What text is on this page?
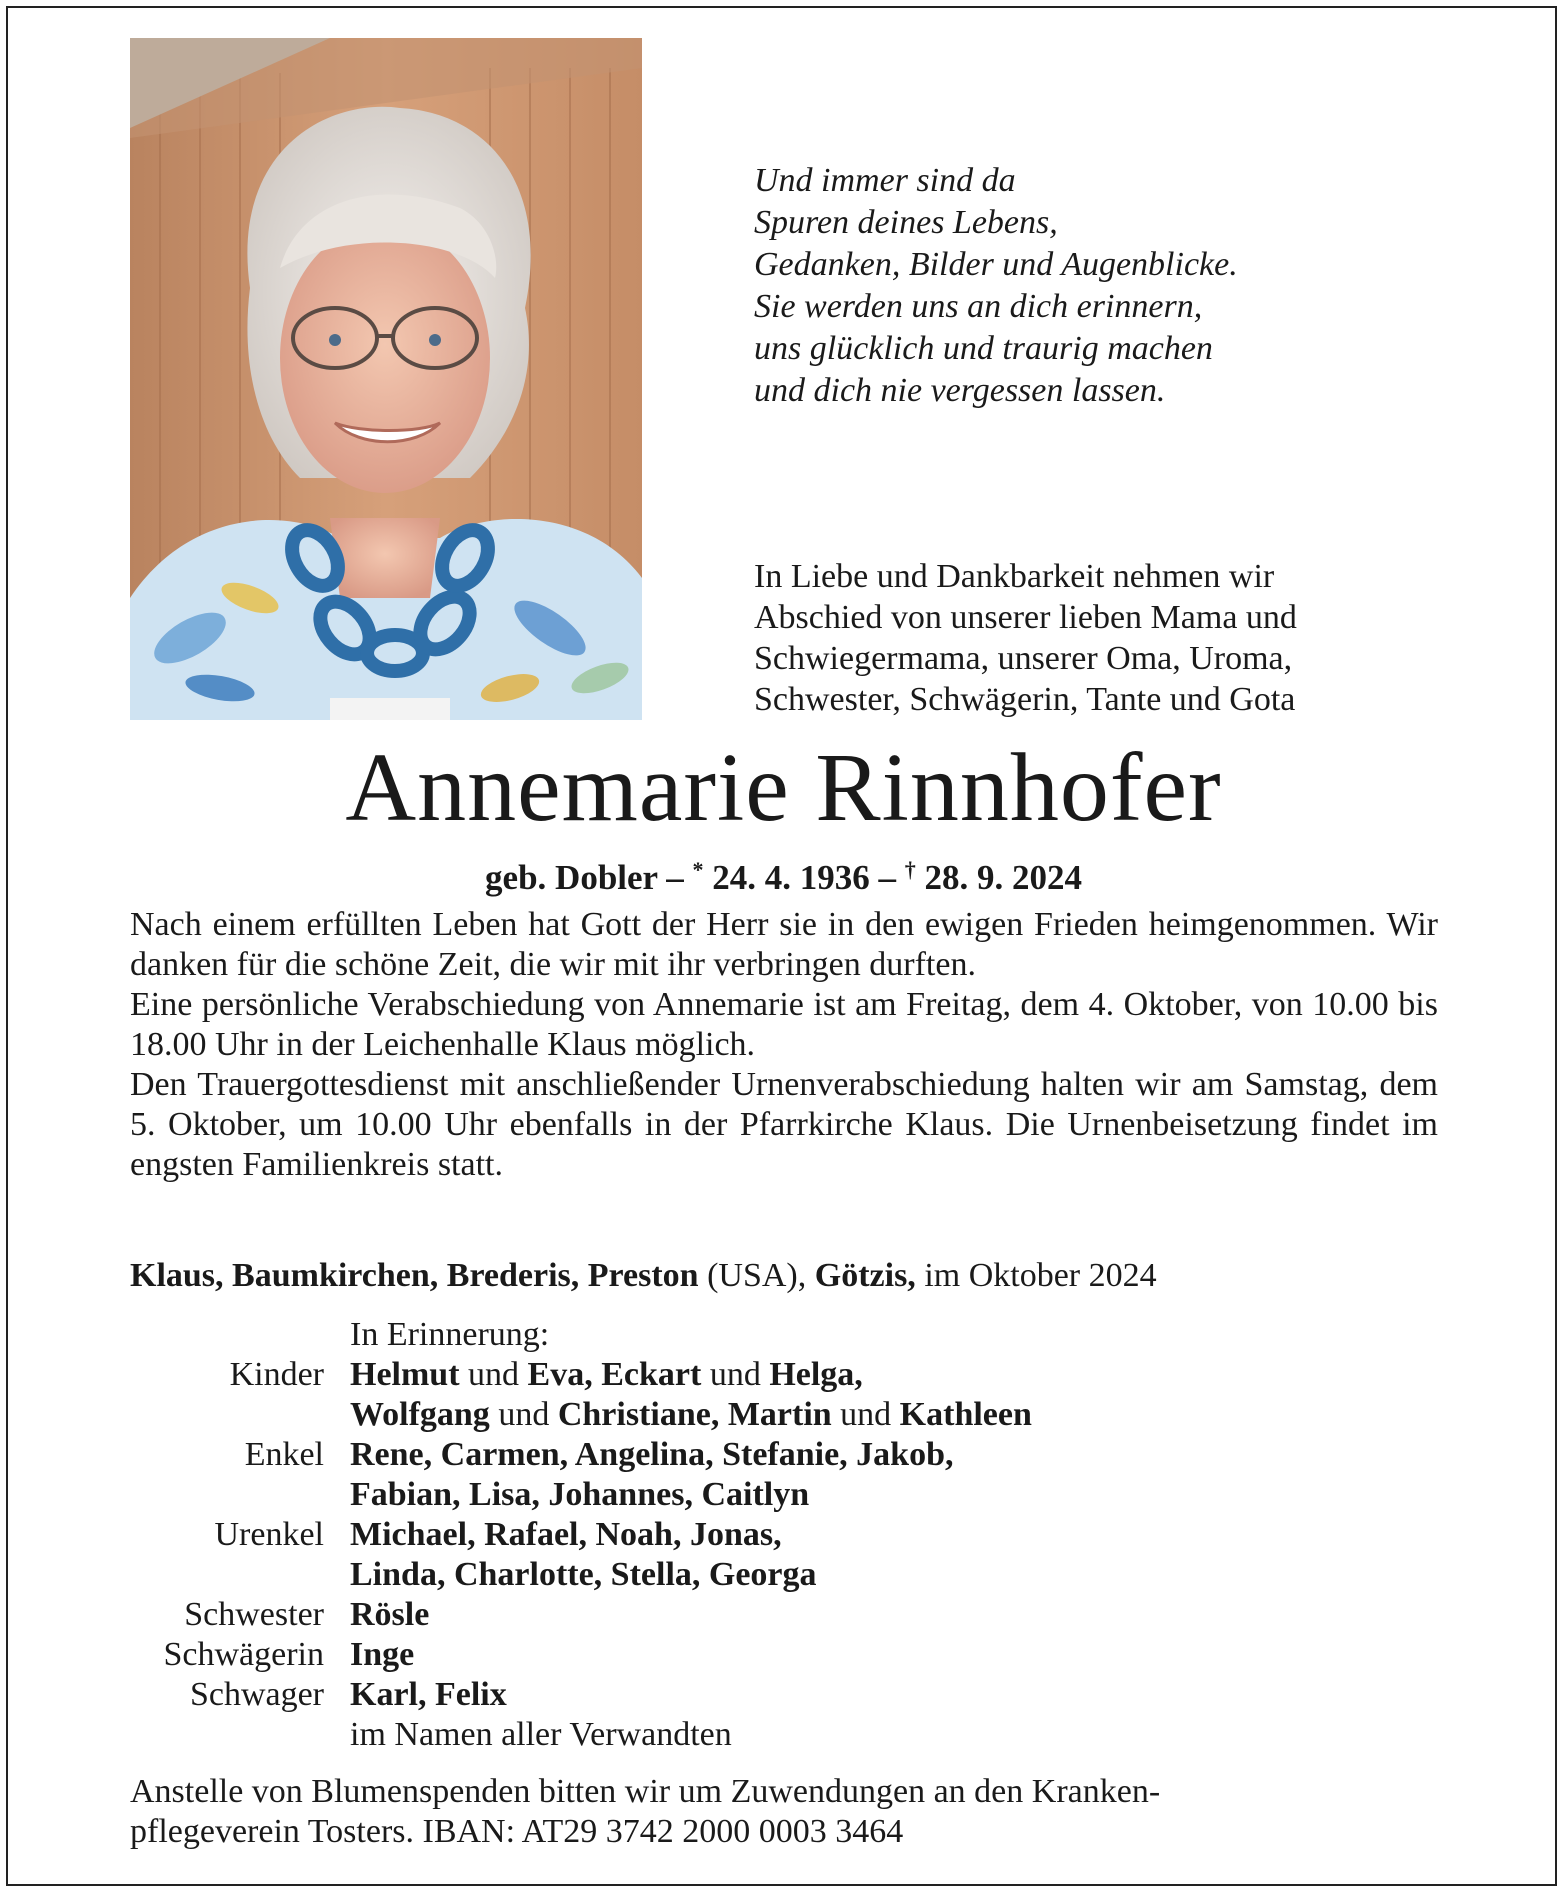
Und immer sind da
Spuren deines Lebens,
Gedanken, Bilder und Augenblicke.
Sie werden uns an dich erinnern,
uns glücklich und traurig machen
und dich nie vergessen lassen.
In Liebe und Dankbarkeit nehmen wir
Abschied von unserer lieben Mama und
Schwiegermama, unserer Oma, Uroma,
Schwester, Schwägerin, Tante und Gota
Annemarie Rinnhofer
geb. Dobler – * 24. 4. 1936 – † 28. 9. 2024

Nach einem erfüllten Leben hat Gott der Herr sie in den ewigen Frieden heimgenommen. Wir danken für die schöne Zeit, die wir mit ihr verbringen durften.

Eine persönliche Verabschiedung von Annemarie ist am Freitag, dem 4. Oktober, von 10.00 bis 18.00 Uhr in der Leichenhalle Klaus möglich.

Den Trauergottesdienst mit anschließender Urnenverabschiedung halten wir am Samstag, dem 5. Oktober, um 10.00 Uhr ebenfalls in der Pfarrkirche Klaus. Die Urnenbeisetzung findet im engsten Familienkreis statt.

Klaus, Baumkirchen, Brederis, Preston (USA), Götzis, im Oktober 2024
In Erinnerung:
Kinder Helmut und Eva, Eckart und Helga,
Wolfgang und Christiane, Martin und Kathleen
Enkel Rene, Carmen, Angelina, Stefanie, Jakob,
Fabian, Lisa, Johannes, Caitlyn
Urenkel Michael, Rafael, Noah, Jonas,
Linda, Charlotte, Stella, Georga
Schwester Rösle
Schwägerin Inge
Schwager Karl, Felix
im Namen aller Verwandten
Anstelle von Blumenspenden bitten wir um Zuwendungen an den Kranken-
pflegeverein Tosters. IBAN: AT29 3742 2000 0003 3464
